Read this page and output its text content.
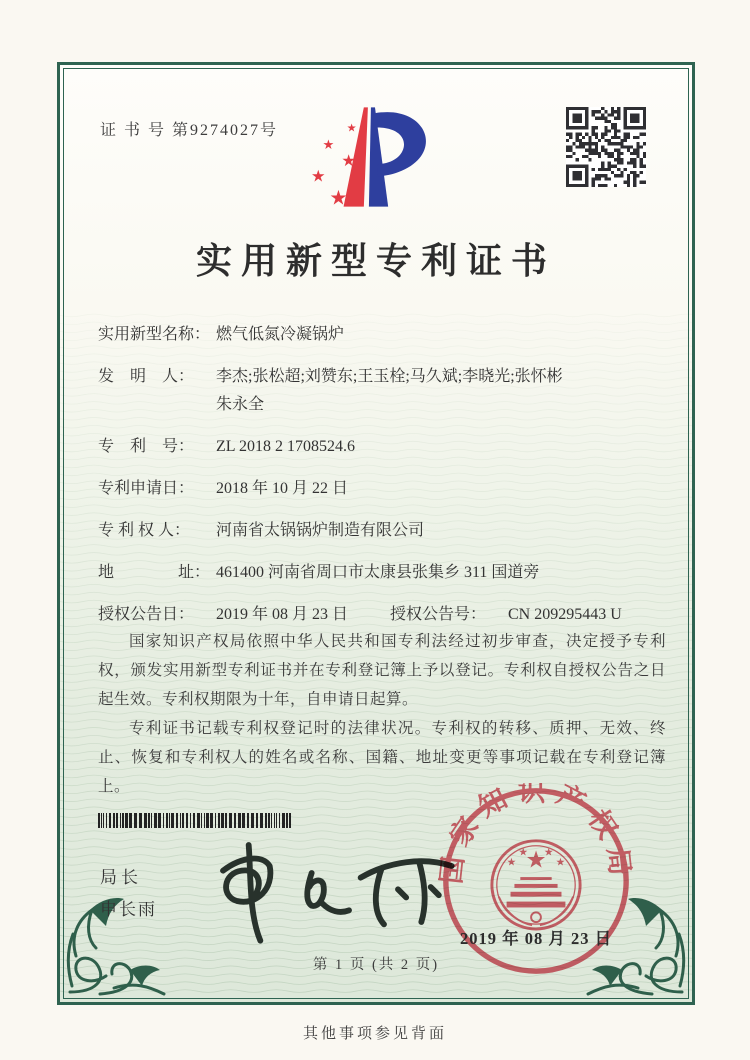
证 书 号 第9274027号	★
★
★
★
★
实用新型专利证书
实用新型名称： 燃气低氮冷凝锅炉
发　明　人： 李杰;张松超;刘赞东;王玉栓;马久斌;李晓光;张怀彬
朱永全
专　利　号： ZL 2018 2 1708524.6
专利申请日： 2018 年 10 月 22 日
专 利 权 人： 河南省太锅锅炉制造有限公司
地　　　　址： 461400 河南省周口市太康县张集乡 311 国道旁
授权公告日： 2019 年 08 月 23 日	授权公告号： CN 209295443 U

国家知识产权局依照中华人民共和国专利法经过初步审查，决定授予专利权，颁发实用新型专利证书并在专利登记簿上予以登记。专利权自授权公告之日起生效。专利权期限为十年，自申请日起算。

专利证书记载专利权登记时的法律状况。专利权的转移、质押、无效、终止、恢复和专利权人的姓名或名称、国籍、地址变更等事项记载在专利登记簿上。

局长
申长雨
国家知识产权局
★
★
★ ★
★
2019 年 08 月 23 日
第 1 页 (共 2 页)
其他事项参见背面
